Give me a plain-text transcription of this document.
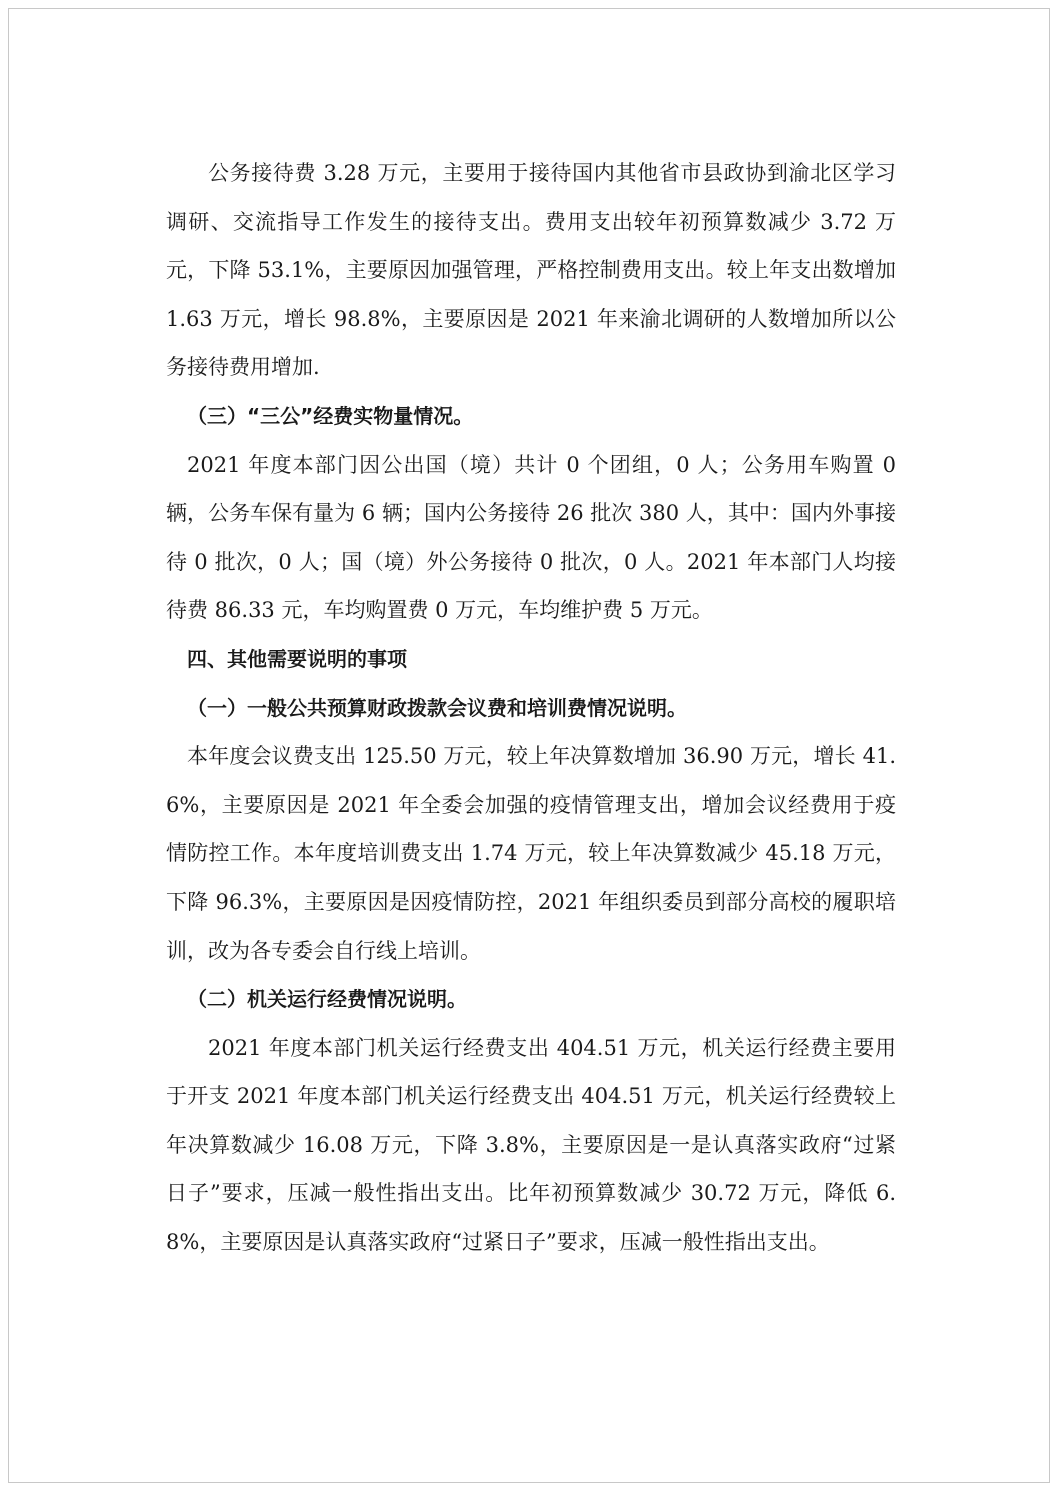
公务接待费 3.28 万元，主要用于接待国内其他省市县政协到渝北区学习调研、交流指导工作发生的接待支出。费用支出较年初预算数减少 3.72 万元，下降 53.1%，主要原因加强管理，严格控制费用支出。较上年支出数增加 1.63 万元，增长 98.8%，主要原因是 2021 年来渝北调研的人数增加所以公务接待费用增加.

（三）“三公”经费实物量情况。

2021 年度本部门因公出国（境）共计 0 个团组，0 人；公务用车购置 0 辆，公务车保有量为 6 辆；国内公务接待 26 批次 380 人，其中：国内外事接待 0 批次，0 人；国（境）外公务接待 0 批次，0 人。2021 年本部门人均接待费 86.33 元，车均购置费 0 万元，车均维护费 5 万元。

四、其他需要说明的事项

（一）一般公共预算财政拨款会议费和培训费情况说明。

本年度会议费支出 125.50 万元，较上年决算数增加 36.90 万元，增长 41.6%，主要原因是 2021 年全委会加强的疫情管理支出，增加会议经费用于疫情防控工作。本年度培训费支出 1.74 万元，较上年决算数减少 45.18 万元，下降 96.3%，主要原因是因疫情防控，2021 年组织委员到部分高校的履职培训，改为各专委会自行线上培训。

（二）机关运行经费情况说明。

2021 年度本部门机关运行经费支出 404.51 万元，机关运行经费主要用于开支 2021 年度本部门机关运行经费支出 404.51 万元，机关运行经费较上年决算数减少 16.08 万元，下降 3.8%，主要原因是一是认真落实政府“过紧日子”要求，压减一般性指出支出。比年初预算数减少 30.72 万元，降低 6.8%，主要原因是认真落实政府“过紧日子”要求，压减一般性指出支出。
